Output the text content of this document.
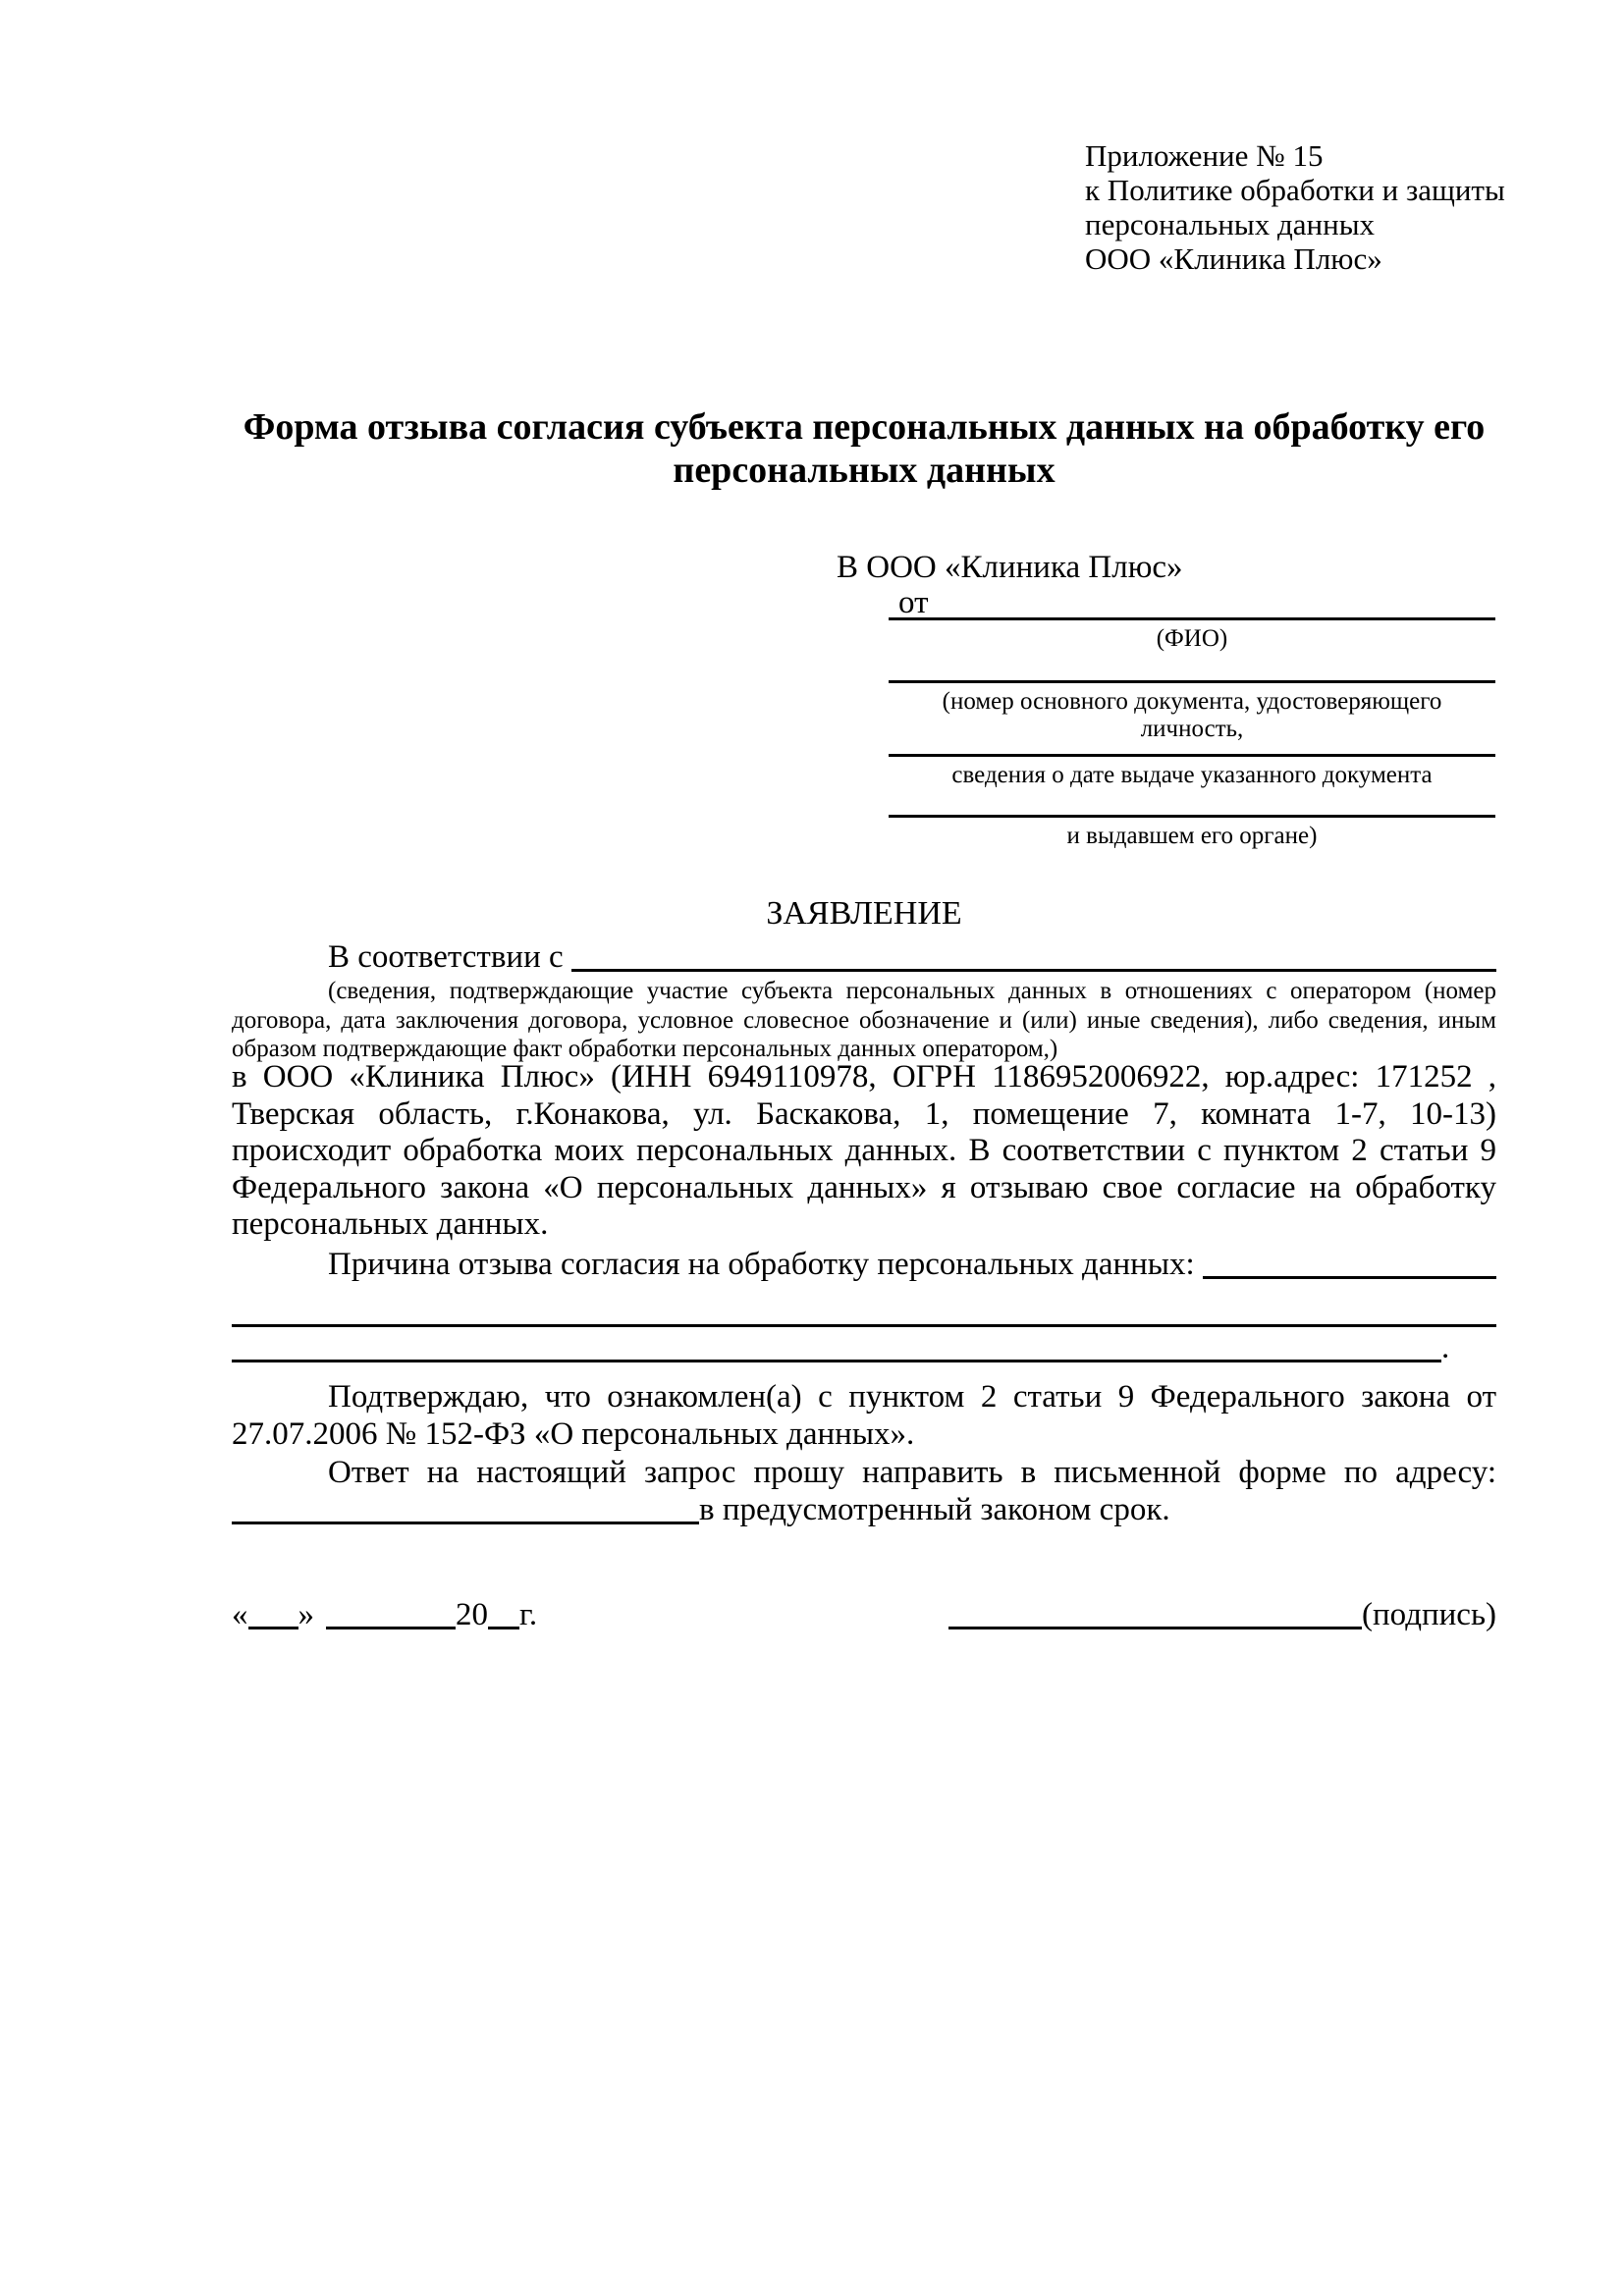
Приложение № 15
к Политике обработки и защиты
персональных данных
ООО «Клиника Плюс»
Форма отзыва согласия субъекта персональных данных на обработку его персональных данных
В ООО «Клиника Плюс»
от
(ФИО)
(номер основного документа, удостоверяющего личность,
сведения о дате выдаче указанного документа
и выдавшем его органе)
ЗАЯВЛЕНИЕ
В соответствии с
(сведения, подтверждающие участие субъекта персональных данных в отношениях с оператором (номер договора, дата заключения договора, условное словесное обозначение и (или) иные сведения), либо сведения, иным образом подтверждающие факт обработки персональных данных оператором,)
в ООО «Клиника Плюс» (ИНН 6949110978, ОГРН 1186952006922, юр.адрес: 171252 , Тверская область, г.Конакова, ул. Баскакова, 1, помещение 7, комната 1-7, 10-13) происходит обработка моих персональных данных. В соответствии с пунктом 2 статьи 9 Федерального закона «О персональных данных» я отзываю свое согласие на обработку персональных данных.
Причина отзыва согласия на обработку персональных данных:
.
Подтверждаю, что ознакомлен(а) с пунктом 2 статьи 9 Федерального закона от 27.07.2006 № 152-ФЗ «О персональных данных».
Ответ на настоящий запрос прошу направить в письменной форме по адресу: в предусмотренный законом срок.
« »	20 г.	(подпись)
